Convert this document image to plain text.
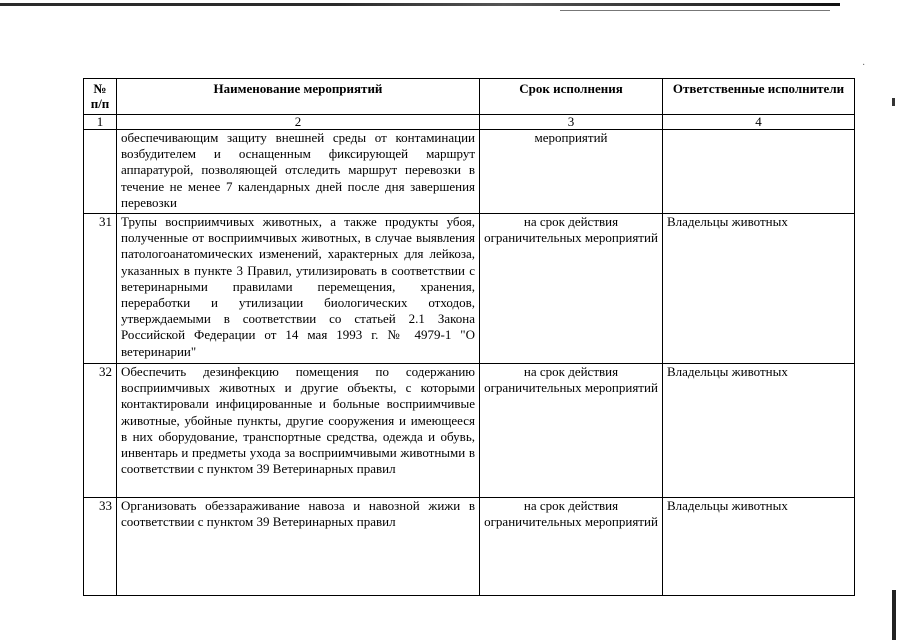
·
№ п/п	Наименование мероприятий	Срок исполнения	Ответственные исполнители
1	2	3	4
	обеспечивающим защиту внешней среды от контаминации возбудителем и оснащенным фиксирующей маршрут аппаратурой, позволяющей отследить маршрут перевозки в течение не менее 7 календарных дней после дня завершения перевозки	мероприятий	
31	Трупы восприимчивых животных, а также продукты убоя, полученные от восприимчивых животных, в случае выявления патологоанатомических изменений, характерных для лейкоза, указанных в пункте 3 Правил, утилизировать в соответствии с ветеринарными правилами перемещения, хранения, переработки и утилизации биологических отходов, утверждаемыми в соответствии со статьей 2.1 Закона Российской Федерации от 14 мая 1993 г. № 4979-1 "О ветеринарии"	на срок действия ограничительных мероприятий	Владельцы животных
32	Обеспечить дезинфекцию помещения по содержанию восприимчивых животных и другие объекты, с которыми контактировали инфицированные и больные восприимчивые животные, убойные пункты, другие сооружения и имеющееся в них оборудование, транспортные средства, одежда и обувь, инвентарь и предметы ухода за восприимчивыми животными в соответствии с пунктом 39 Ветеринарных правил	на срок действия ограничительных мероприятий	Владельцы животных
33	Организовать обеззараживание навоза и навозной жижи в соответствии с пунктом 39 Ветеринарных правил	на срок действия ограничительных мероприятий	Владельцы животных
